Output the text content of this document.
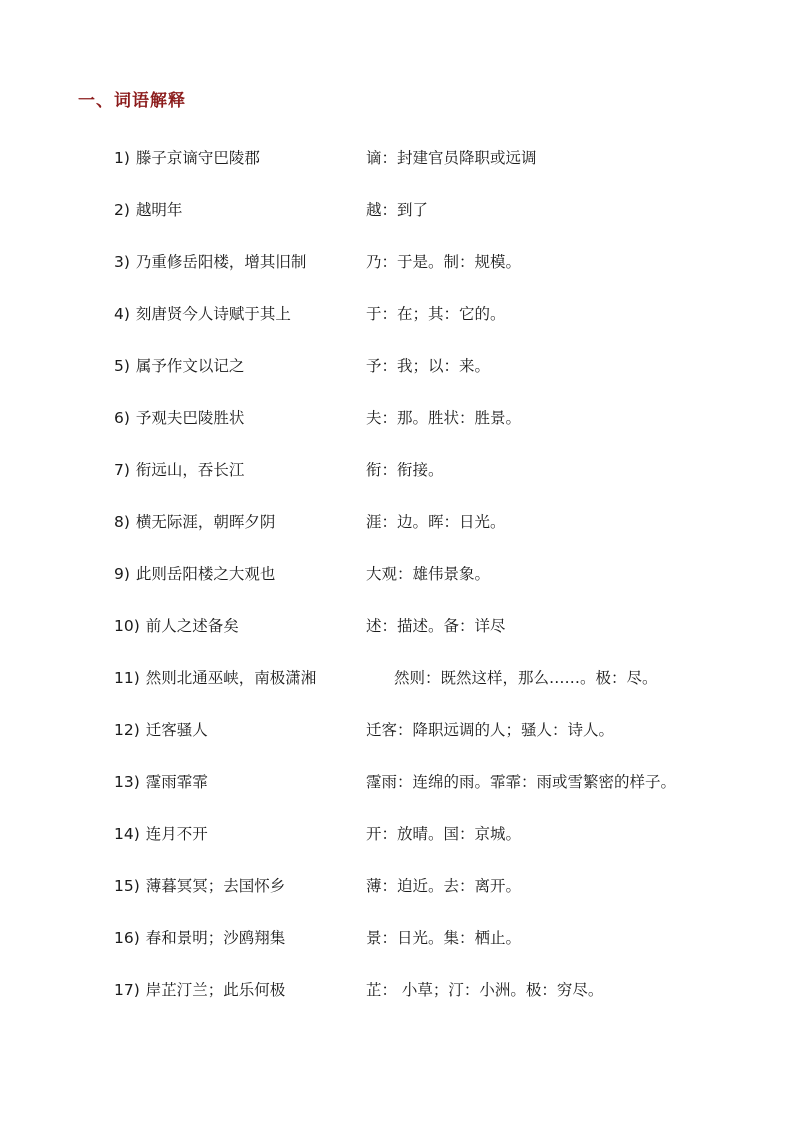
一、词语解释
1) 滕子京谪守巴陵郡	谪：封建官员降职或远调
2) 越明年	越：到了
3) 乃重修岳阳楼，增其旧制	乃：于是。制：规模。
4) 刻唐贤今人诗赋于其上	于：在；其：它的。
5) 属予作文以记之	予：我；以：来。
6) 予观夫巴陵胜状	夫：那。胜状：胜景。
7) 衔远山，吞长江	衔：衔接。
8) 横无际涯，朝晖夕阴	涯：边。晖：日光。
9) 此则岳阳楼之大观也	大观：雄伟景象。
10) 前人之述备矣	述：描述。备：详尽
11) 然则北通巫峡，南极潇湘	然则：既然这样，那么……。极：尽。
12) 迁客骚人	迁客：降职远调的人；骚人：诗人。
13) 霪雨霏霏	霪雨：连绵的雨。霏霏：雨或雪繁密的样子。
14) 连月不开	开：放晴。国：京城。
15) 薄暮冥冥；去国怀乡	薄：迫近。去：离开。
16) 春和景明；沙鸥翔集	景：日光。集：栖止。
17) 岸芷汀兰；此乐何极	芷： 小草；汀：小洲。极：穷尽。
